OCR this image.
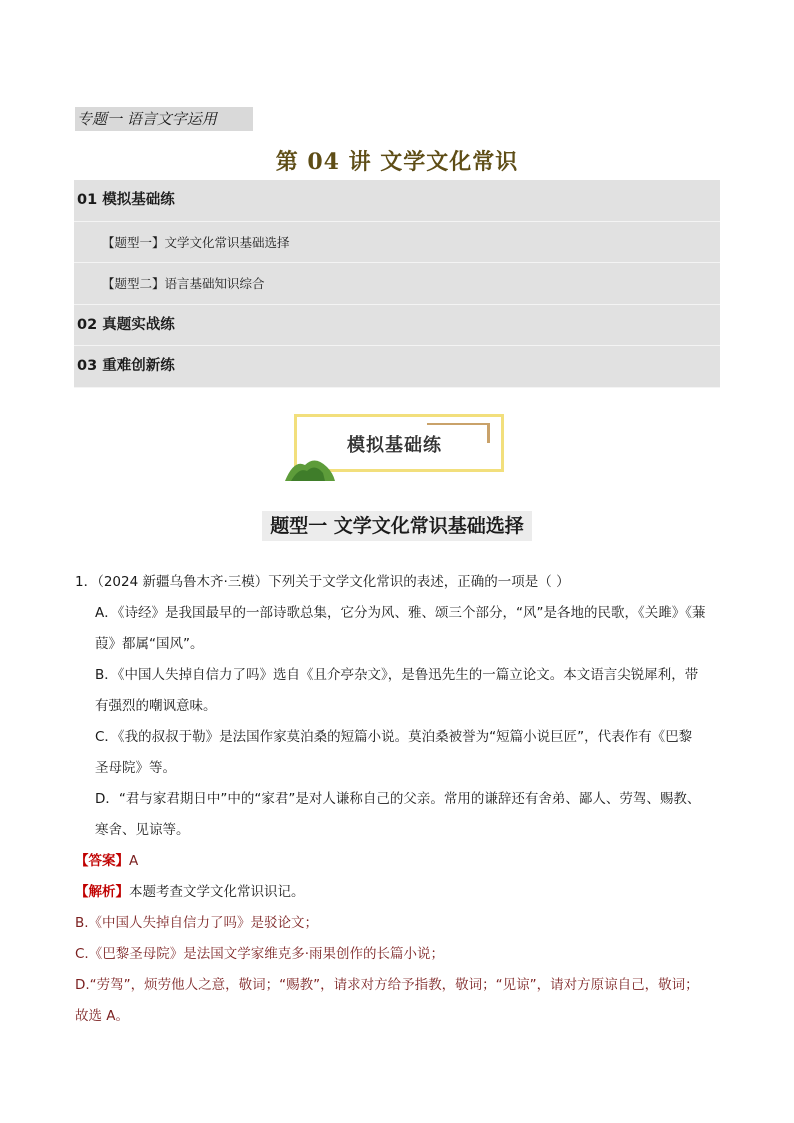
专题一 语言文字运用
第 04 讲 文学文化常识
01 模拟基础练
【题型一】文学文化常识基础选择
【题型二】语言基础知识综合
02 真题实战练
03 重难创新练
模拟基础练
题型一 文学文化常识基础选择
1．（2024 新疆乌鲁木齐·三模）下列关于文学文化常识的表述，正确的一项是（ ）
A．《诗经》是我国最早的一部诗歌总集，它分为风、雅、颂三个部分，“风”是各地的民歌，《关雎》《蒹
葭》都属“国风”。
B．《中国人失掉自信力了吗》选自《且介亭杂文》，是鲁迅先生的一篇立论文。本文语言尖锐犀利，带
有强烈的嘲讽意味。
C．《我的叔叔于勒》是法国作家莫泊桑的短篇小说。莫泊桑被誉为“短篇小说巨匠”，代表作有《巴黎
圣母院》等。
D．“君与家君期日中”中的“家君”是对人谦称自己的父亲。常用的谦辞还有舍弟、鄙人、劳驾、赐教、
寒舍、见谅等。
【答案】A
【解析】本题考查文学文化常识识记。
B.《中国人失掉自信力了吗》是驳论文；
C.《巴黎圣母院》是法国文学家维克多·雨果创作的长篇小说；
D.“劳驾”，烦劳他人之意，敬词；“赐教”，请求对方给予指教，敬词；“见谅”，请对方原谅自己，敬词；
故选 A。
